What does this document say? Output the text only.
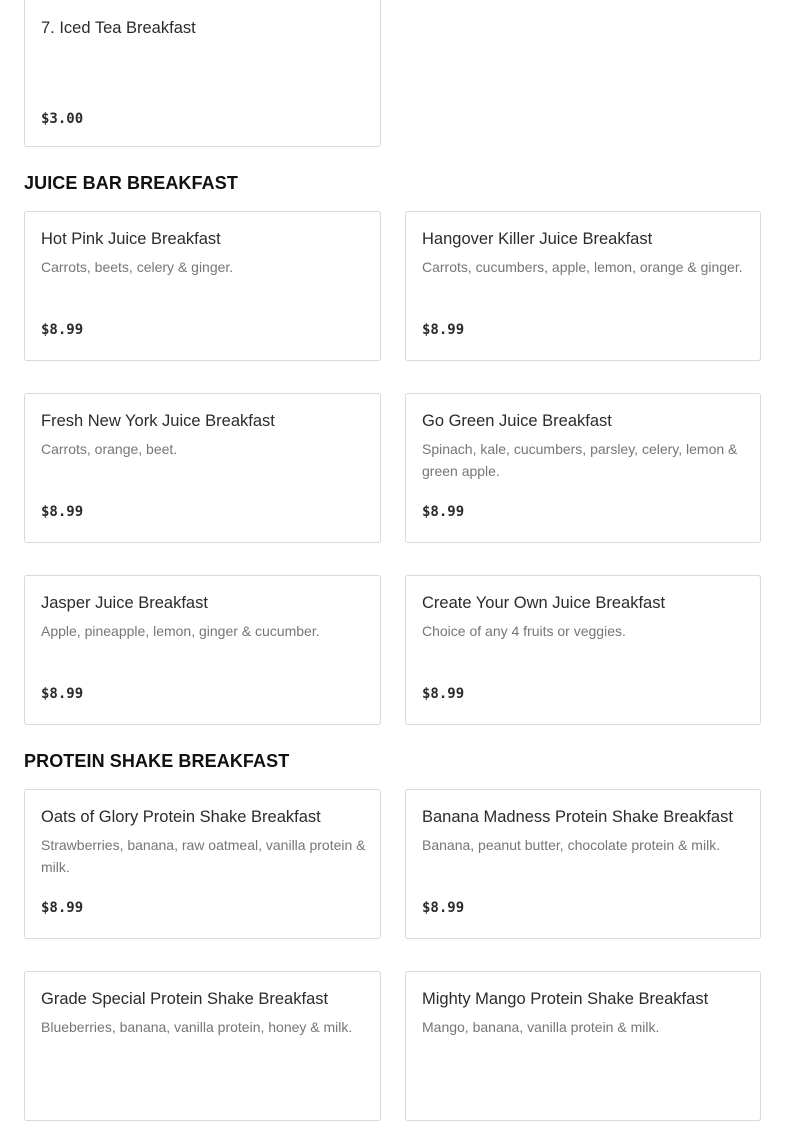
7. Iced Tea Breakfast
$3.00
JUICE BAR BREAKFAST
Hot Pink Juice Breakfast
Carrots, beets, celery & ginger.
$8.99
Hangover Killer Juice Breakfast
Carrots, cucumbers, apple, lemon, orange & ginger.
$8.99
Fresh New York Juice Breakfast
Carrots, orange, beet.
$8.99
Go Green Juice Breakfast
Spinach, kale, cucumbers, parsley, celery, lemon & green apple.
$8.99
Jasper Juice Breakfast
Apple, pineapple, lemon, ginger & cucumber.
$8.99
Create Your Own Juice Breakfast
Choice of any 4 fruits or veggies.
$8.99
PROTEIN SHAKE BREAKFAST
Oats of Glory Protein Shake Breakfast
Strawberries, banana, raw oatmeal, vanilla protein & milk.
$8.99
Banana Madness Protein Shake Breakfast
Banana, peanut butter, chocolate protein & milk.
$8.99
Grade Special Protein Shake Breakfast
Blueberries, banana, vanilla protein, honey & milk.
Mighty Mango Protein Shake Breakfast
Mango, banana, vanilla protein & milk.
